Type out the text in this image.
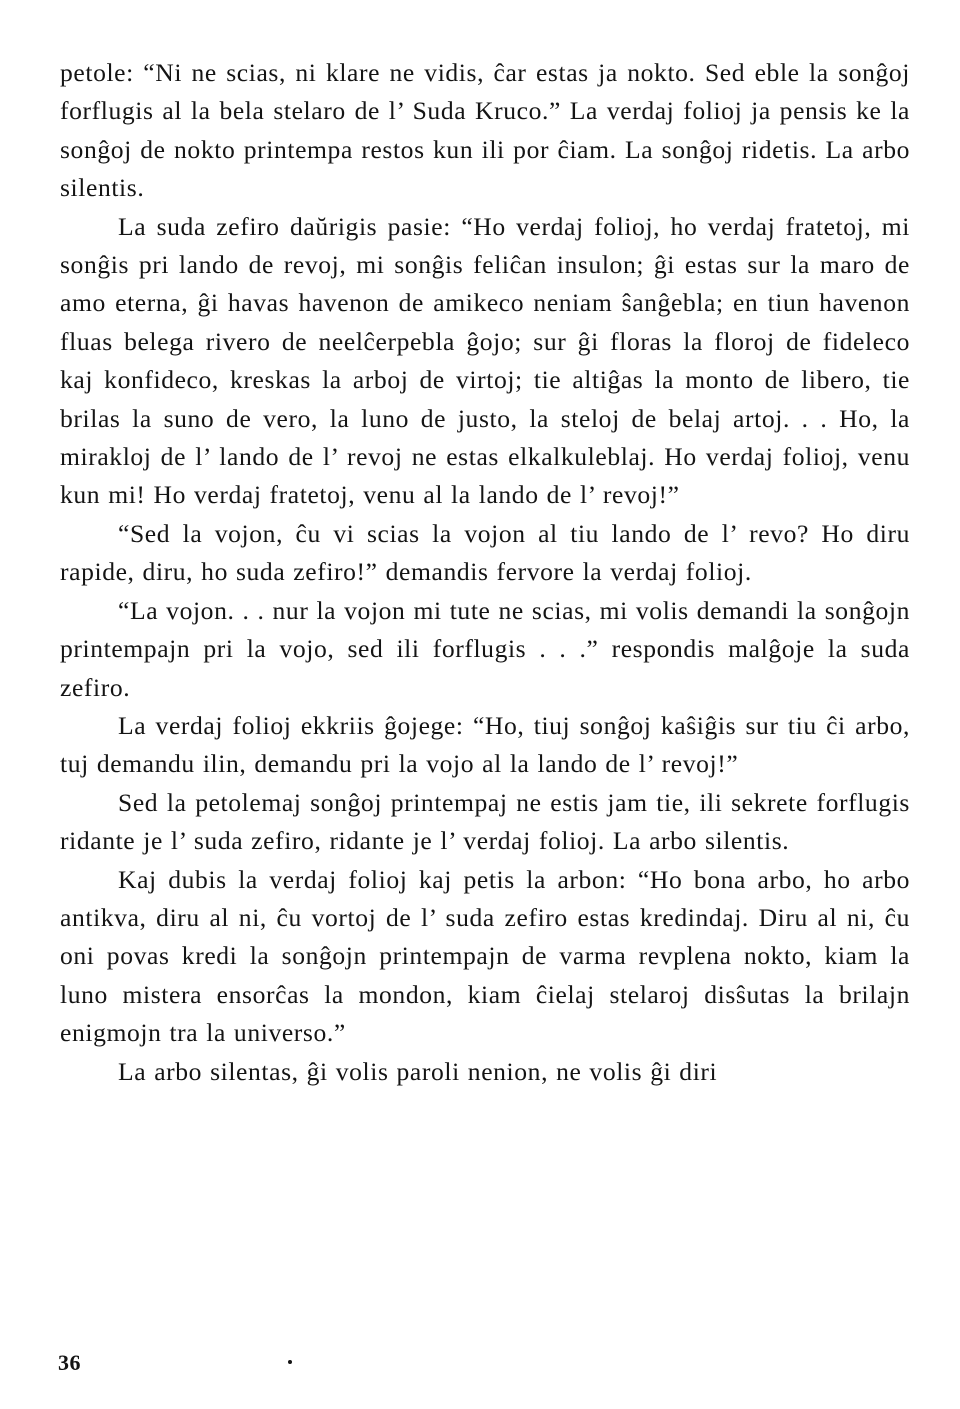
petole: “Ni ne scias, ni klare ne vidis, ĉar estas ja nokto. Sed eble la sonĝoj forflugis al la bela stelaro de l’ Suda Kruco.” La verdaj folioj ja pensis ke la sonĝoj de nokto printempa restos kun ili por ĉiam. La sonĝoj ridetis. La arbo silentis.

La suda zefiro daŭrigis pasie: “Ho verdaj folioj, ho verdaj fratetoj, mi sonĝis pri lando de revoj, mi sonĝis feliĉan insulon; ĝi estas sur la maro de amo eterna, ĝi havas havenon de amikeco neniam ŝanĝebla; en tiun havenon fluas belega rivero de neelĉerpebla ĝojo; sur ĝi floras la floroj de fideleco kaj konfideco, kreskas la arboj de virtoj; tie altiĝas la monto de libero, tie brilas la suno de vero, la luno de justo, la steloj de belaj artoj. . . Ho, la mirakloj de l’ lando de l’ revoj ne estas elkalkuleblaj. Ho verdaj folioj, venu kun mi! Ho verdaj fratetoj, venu al la lando de l’ revoj!”

“Sed la vojon, ĉu vi scias la vojon al tiu lando de l’ revo? Ho diru rapide, diru, ho suda zefiro!” demandis fervore la verdaj folioj.

“La vojon. . . nur la vojon mi tute ne scias, mi volis demandi la sonĝojn printempajn pri la vojo, sed ili forflugis . . .” respondis malĝoje la suda zefiro.

La verdaj folioj ekkriis ĝojege: “Ho, tiuj sonĝoj kaŝiĝis sur tiu ĉi arbo, tuj demandu ilin, demandu pri la vojo al la lando de l’ revoj!”

Sed la petolemaj sonĝoj printempaj ne estis jam tie, ili sekrete forflugis ridante je l’ suda zefiro, ridante je l’ verdaj folioj. La arbo silentis.

Kaj dubis la verdaj folioj kaj petis la arbon: “Ho bona arbo, ho arbo antikva, diru al ni, ĉu vortoj de l’ suda zefiro estas kredindaj. Diru al ni, ĉu oni povas kredi la sonĝojn printempajn de varma revplena nokto, kiam la luno mistera ensorĉas la mondon, kiam ĉielaj stelaroj disŝutas la brilajn enigmojn tra la universo.”

La arbo silentas, ĝi volis paroli nenion, ne volis ĝi diri

36
